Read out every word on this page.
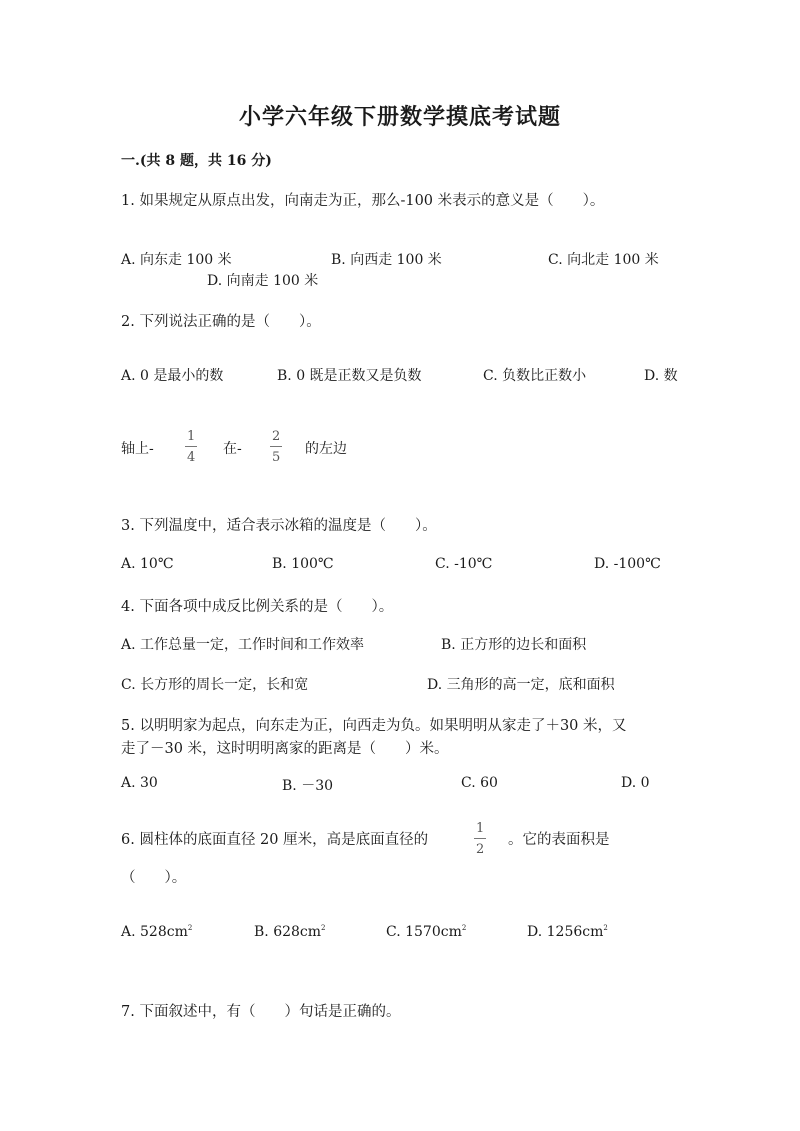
小学六年级下册数学摸底考试题
一.(共 8 题，共 16 分)
1. 如果规定从原点出发，向南走为正，那么-100 米表示的意义是（　　）。
A. 向东走 100 米	B. 向西走 100 米	C. 向北走 100 米
D. 向南走 100 米
2. 下列说法正确的是（　　）。
A. 0 是最小的数	B. 0 既是正数又是负数	C. 负数比正数小	D. 数
轴上-
1
4
在-
2
5
的左边
3. 下列温度中，适合表示冰箱的温度是（　　）。
A. 10℃	B. 100℃	C. -10℃	D. -100℃
4. 下面各项中成反比例关系的是（　　）。
A. 工作总量一定，工作时间和工作效率	B. 正方形的边长和面积
C. 长方形的周长一定，长和宽	D. 三角形的高一定，底和面积
5. 以明明家为起点，向东走为正，向西走为负。如果明明从家走了＋30 米，又
走了－30 米，这时明明离家的距离是（　　）米。
A. 30	B. －30	C. 60	D. 0
6. 圆柱体的底面直径 20 厘米，高是底面直径的
1
2
。它的表面积是
（　　）。
A. $528cm^2$	B. $628cm^2$	C. $1570cm^2$	D. $1256cm^2$
7. 下面叙述中，有（　　）句话是正确的。
